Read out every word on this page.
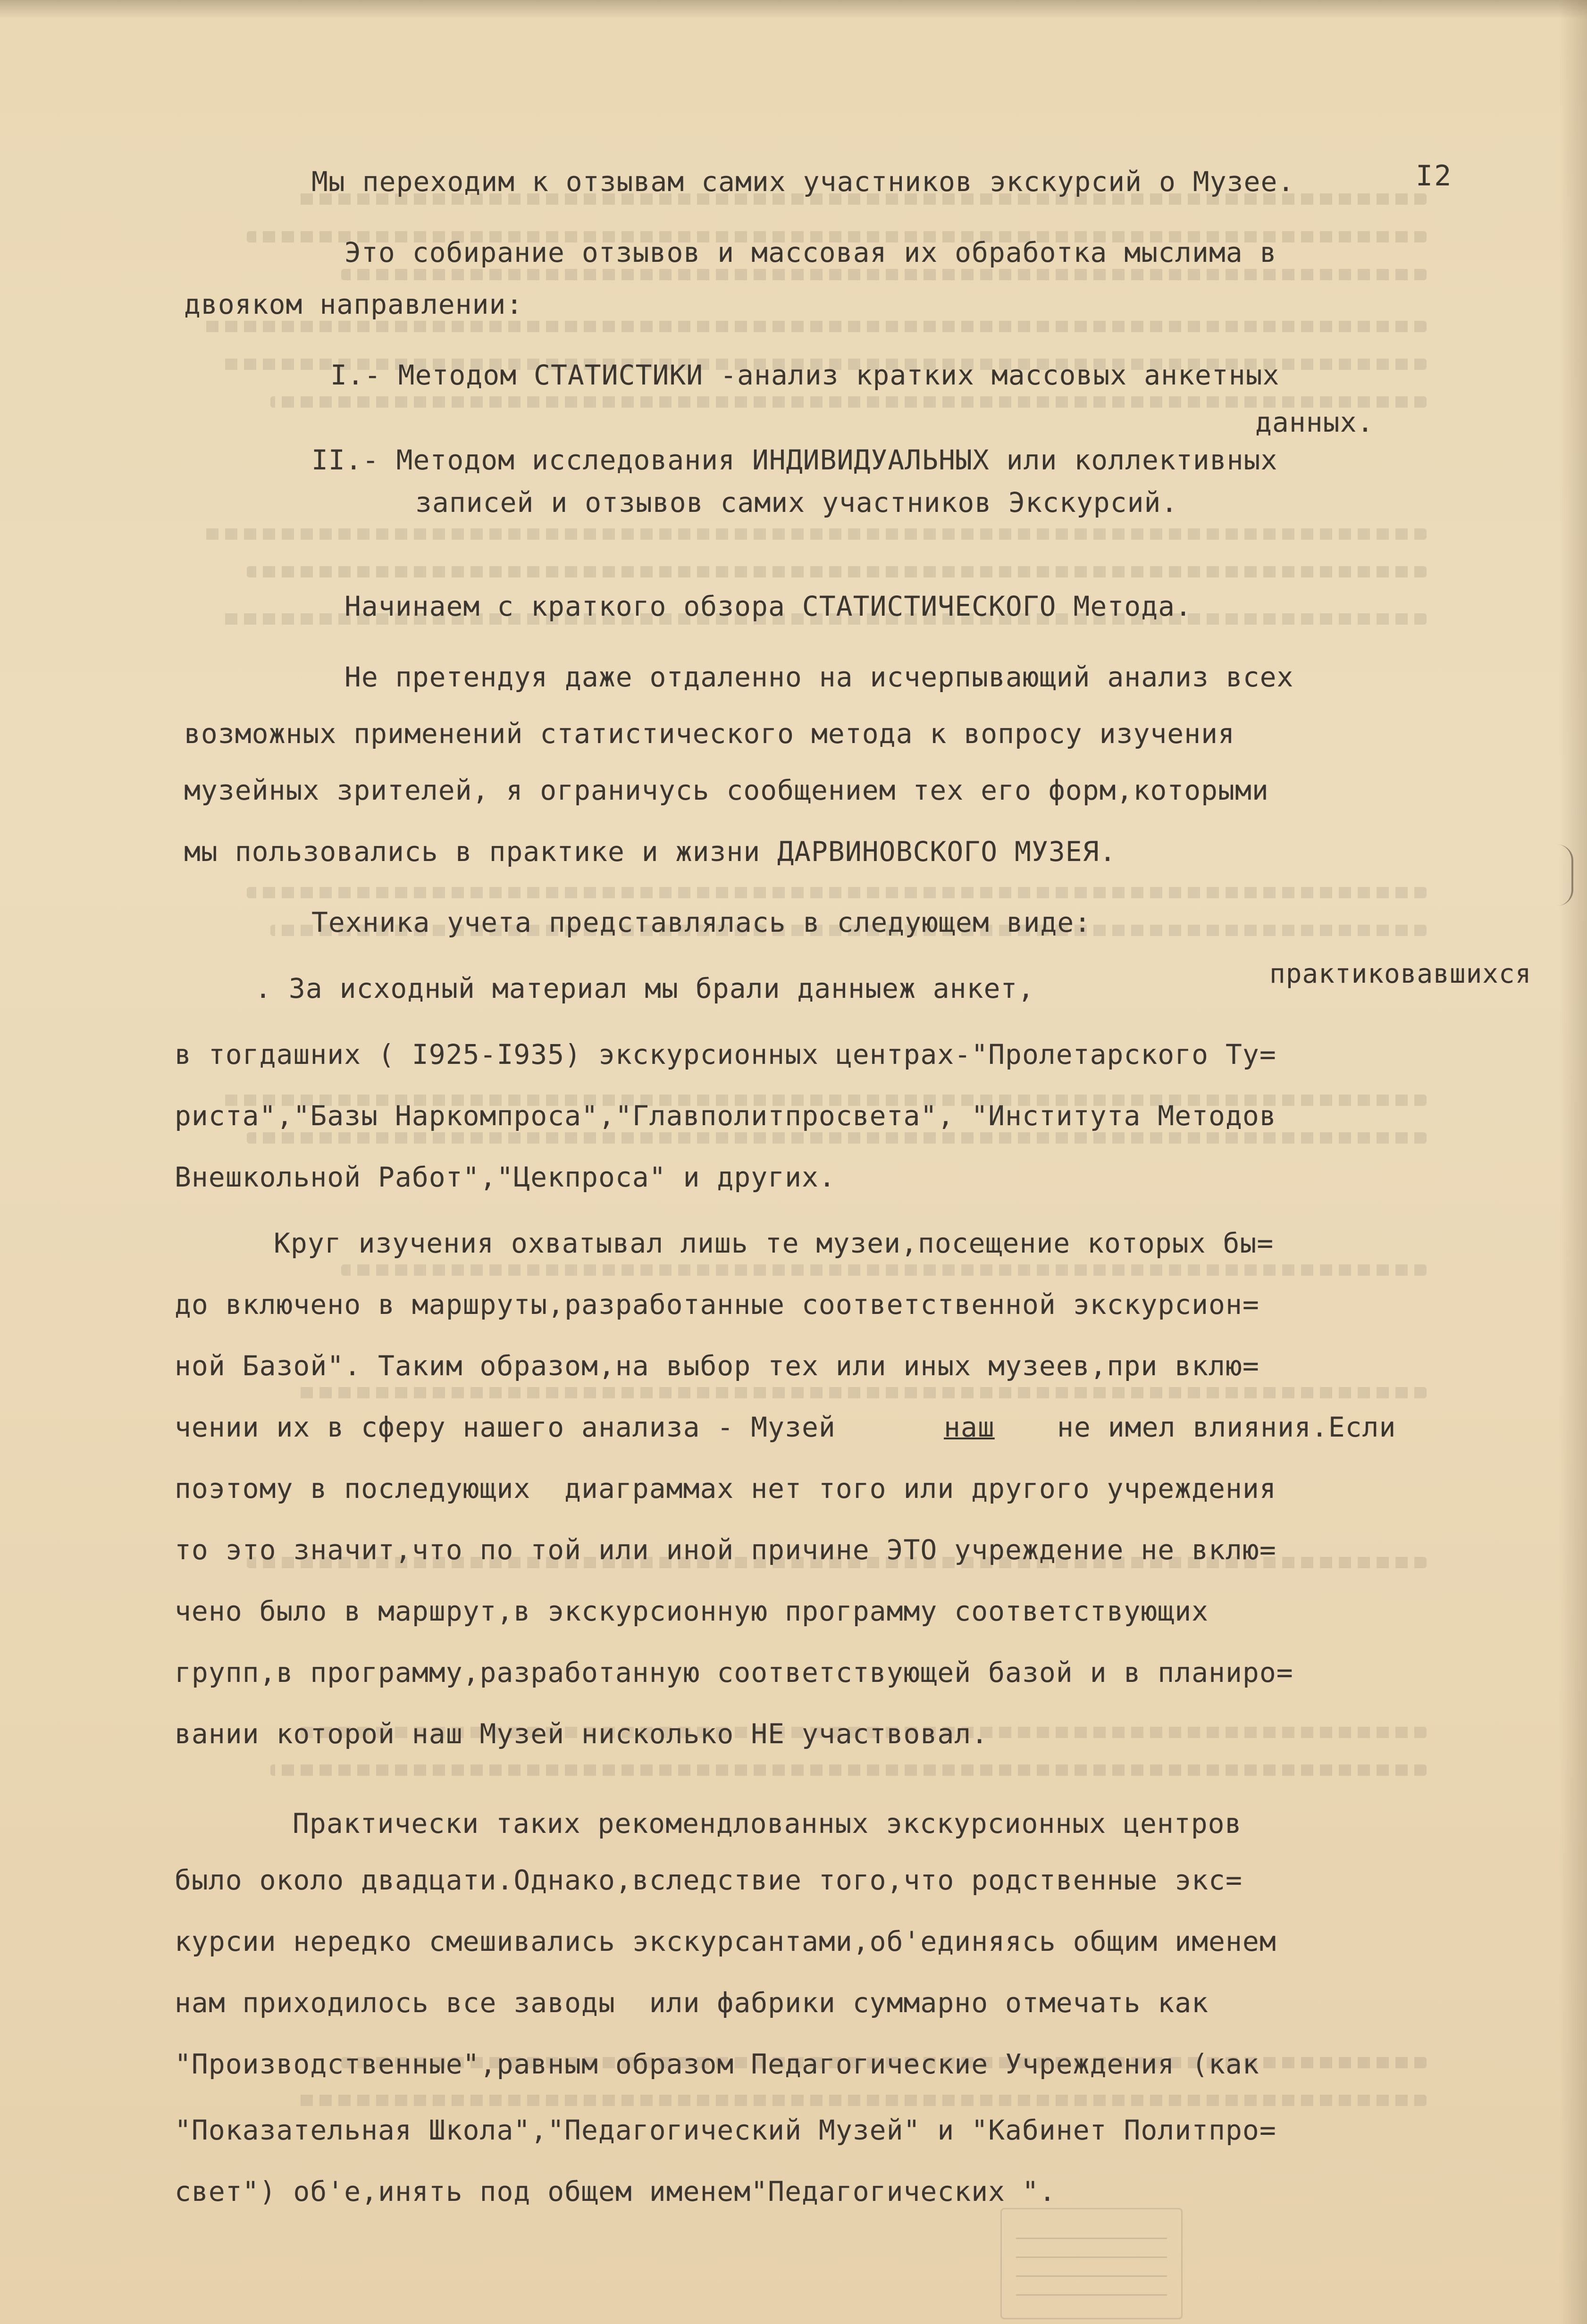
I2
Мы переходим к отзывам самих участников экскурсий о Музее.
Это собирание отзывов и массовая их обработка мыслима в
двояком направлении:
I.- Методом СТАТИСТИКИ -анализ кратких массовых анкетных
данных.
II.- Методом исследования ИНДИВИДУАЛЬНЫХ или коллективных
записей и отзывов самих участников Экскурсий.
Начинаем с краткого обзора СТАТИСТИЧЕСКОГО Метода.
Не претендуя даже отдаленно на исчерпывающий анализ всех
возможных применений статистического метода к вопросу изучения
музейных зрителей, я ограничусь сообщением тех его форм,которыми
мы пользовались в практике и жизни ДАРВИНОВСКОГО МУЗЕЯ.
Техника учета представлялась в следующем виде:
практиковавшихся
. За исходный материал мы брали данныеж анкет,
в тогдашних ( I925-I935) экскурсионных центрах-"Пролетарского Ту=
риста","Базы Наркомпроса","Главполитпросвета", "Института Методов
Внешкольной Работ","Цекпроса" и других.
Круг изучения охватывал лишь те музеи,посещение которых бы=
до включено в маршруты,разработанные соответственной экскурсион=
ной Базой". Таким образом,на выбор тех или иных музеев,при вклю=
чении их в сферу нашего анализа - Музей	наш не имел влияния.Если
поэтому в последующих  диаграммах нет того или другого учреждения
то это значит,что по той или иной причине ЭТО учреждение не вклю=
чено было в маршрут,в экскурсионную программу соответствующих
групп,в программу,разработанную соответствующей базой и в планиро=
вании которой наш Музей нисколько НЕ участвовал.
Практически таких рекомендлованных экскурсионных центров
было около двадцати.Однако,вследствие того,что родственные экс=
курсии нередко смешивались экскурсантами,об'единяясь общим именем
нам приходилось все заводы  или фабрики суммарно отмечать как
"Производственные",равным образом Педагогические Учреждения (как
"Показательная Школа","Педагогический Музей" и "Кабинет Политпро=
свет") об'е,инять под общем именем"Педагогических ".
